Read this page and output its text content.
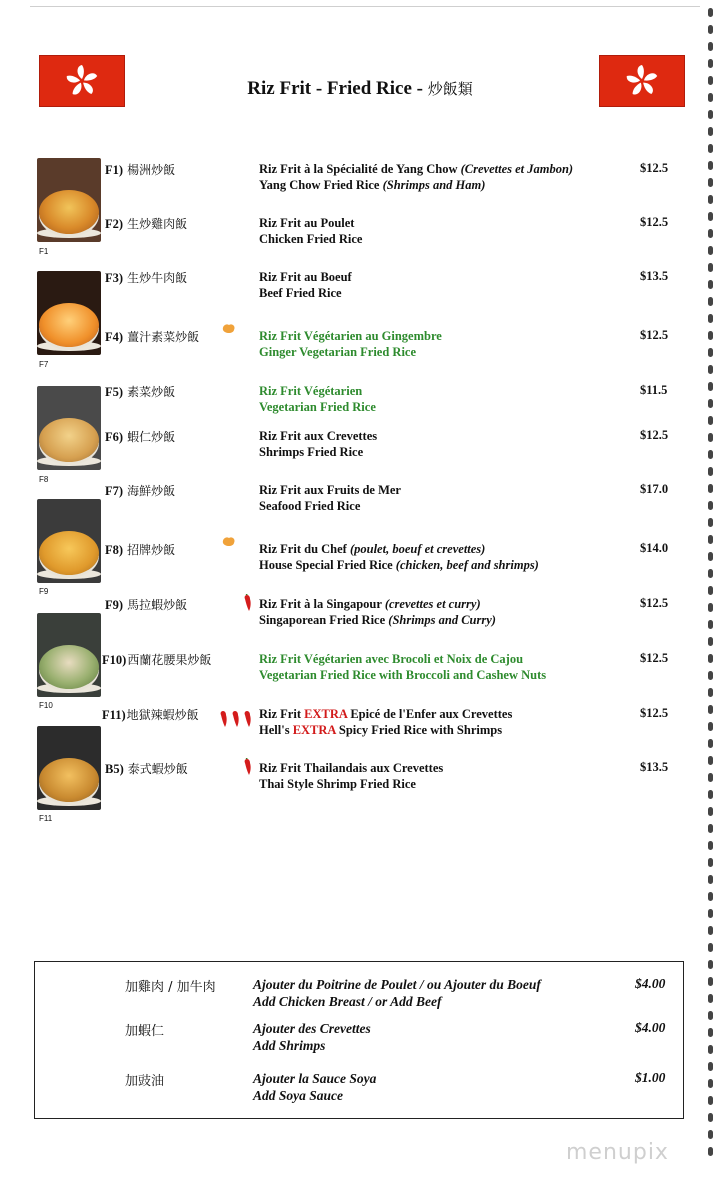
Riz Frit - Fried Rice - 炒飯類
F1
F7
F8
F9
F10
F11
F1) 楊洲炒飯	Riz Frit à la Spécialité de Yang Chow (Crevettes et Jambon)
Yang Chow Fried Rice (Shrimps and Ham)
$12.5
F2) 生炒雞肉飯	Riz Frit au Poulet
Chicken Fried Rice
$12.5
F3) 生炒牛肉飯	Riz Frit au Boeuf
Beef Fried Rice
$13.5
F4) 薑汁素菜炒飯	Riz Frit Végétarien au Gingembre
Ginger Vegetarian Fried Rice
$12.5
F5) 素菜炒飯	Riz Frit Végétarien
Vegetarian Fried Rice
$11.5
F6) 蝦仁炒飯	Riz Frit aux Crevettes
Shrimps Fried Rice
$12.5
F7) 海鮮炒飯	Riz Frit aux Fruits de Mer
Seafood Fried Rice
$17.0
F8) 招牌炒飯	Riz Frit du Chef (poulet, boeuf et crevettes)
House Special Fried Rice (chicken, beef and shrimps)
$14.0
F9) 馬拉蝦炒飯	Riz Frit à la Singapour (crevettes et curry)
Singaporean Fried Rice (Shrimps and Curry)
$12.5
F10)西蘭花腰果炒飯	Riz Frit Végétarien avec Brocoli et Noix de Cajou
Vegetarian Fried Rice with Broccoli and Cashew Nuts
$12.5
F11)地獄辣蝦炒飯	Riz Frit EXTRA Epicé de l'Enfer aux Crevettes
Hell's EXTRA Spicy Fried Rice with Shrimps
$12.5
B5) 泰式蝦炒飯	Riz Frit Thailandais aux Crevettes
Thai Style Shrimp Fried Rice
$13.5
加雞肉 / 加牛肉	Ajouter du Poitrine de Poulet / ou Ajouter du Boeuf
Add Chicken Breast / or Add Beef
$4.00
加蝦仁	Ajouter des Crevettes
Add Shrimps
$4.00
加豉油	Ajouter la Sauce Soya
Add Soya Sauce
$1.00
menupix
